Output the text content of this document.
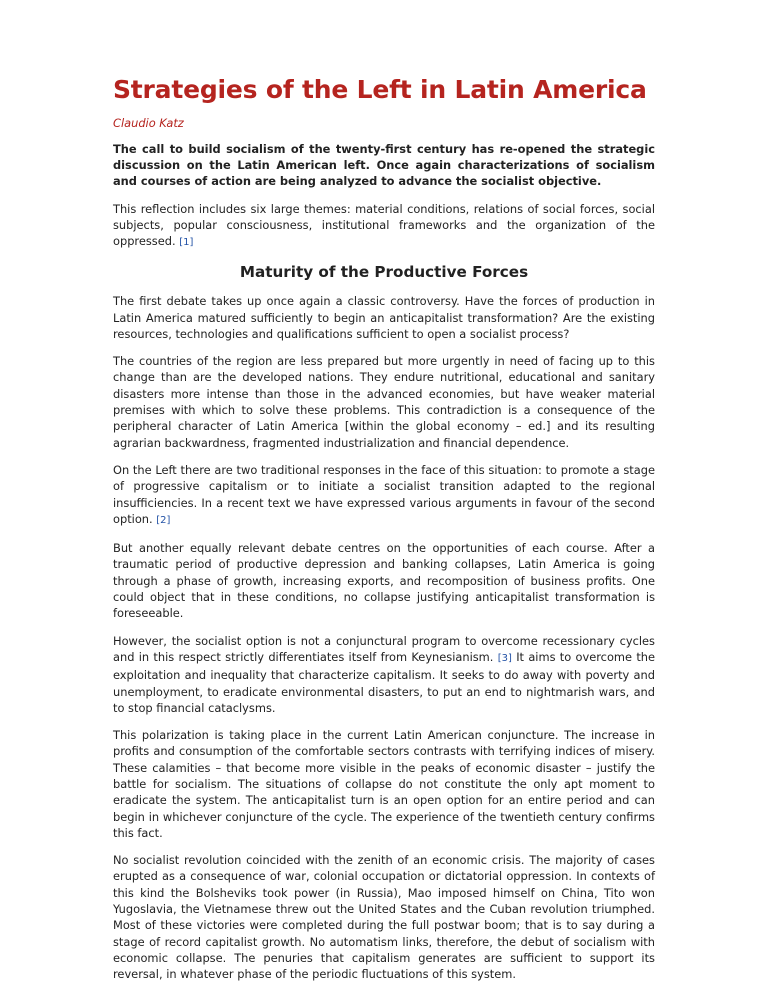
Strategies of the Left in Latin America
Claudio Katz

The call to build socialism of the twenty-first century has re-opened the strategic discussion on the Latin American left. Once again characterizations of socialism and courses of action are being analyzed to advance the socialist objective.

This reflection includes six large themes: material conditions, relations of social forces, social subjects, popular consciousness, institutional frameworks and the organization of the oppressed. [1]

Maturity of the Productive Forces

The first debate takes up once again a classic controversy. Have the forces of production in Latin America matured sufficiently to begin an anticapitalist transformation? Are the existing resources, technologies and qualifications sufficient to open a socialist process?

The countries of the region are less prepared but more urgently in need of facing up to this change than are the developed nations. They endure nutritional, educational and sanitary disasters more intense than those in the advanced economies, but have weaker material premises with which to solve these problems. This contradiction is a consequence of the peripheral character of Latin America [within the global economy – ed.] and its resulting agrarian backwardness, fragmented industrialization and financial dependence.

On the Left there are two traditional responses in the face of this situation: to promote a stage of progressive capitalism or to initiate a socialist transition adapted to the regional insufficiencies. In a recent text we have expressed various arguments in favour of the second option. [2]

But another equally relevant debate centres on the opportunities of each course. After a traumatic period of productive depression and banking collapses, Latin America is going through a phase of growth, increasing exports, and recomposition of business profits. One could object that in these conditions, no collapse justifying anticapitalist transformation is foreseeable.

However, the socialist option is not a conjunctural program to overcome recessionary cycles and in this respect strictly differentiates itself from Keynesianism. [3] It aims to overcome the exploitation and inequality that characterize capitalism. It seeks to do away with poverty and unemployment, to eradicate environmental disasters, to put an end to nightmarish wars, and to stop financial cataclysms.

This polarization is taking place in the current Latin American conjuncture. The increase in profits and consumption of the comfortable sectors contrasts with terrifying indices of misery. These calamities – that become more visible in the peaks of economic disaster – justify the battle for socialism. The situations of collapse do not constitute the only apt moment to eradicate the system. The anticapitalist turn is an open option for an entire period and can begin in whichever conjuncture of the cycle. The experience of the twentieth century confirms this fact.

No socialist revolution coincided with the zenith of an economic crisis. The majority of cases erupted as a consequence of war, colonial occupation or dictatorial oppression. In contexts of this kind the Bolsheviks took power (in Russia), Mao imposed himself on China, Tito won Yugoslavia, the Vietnamese threw out the United States and the Cuban revolution triumphed. Most of these victories were completed during the full postwar boom; that is to say during a stage of record capitalist growth. No automatism links, therefore, the debut of socialism with economic collapse. The penuries that capitalism generates are sufficient to support its reversal, in whatever phase of the periodic fluctuations of this system.
